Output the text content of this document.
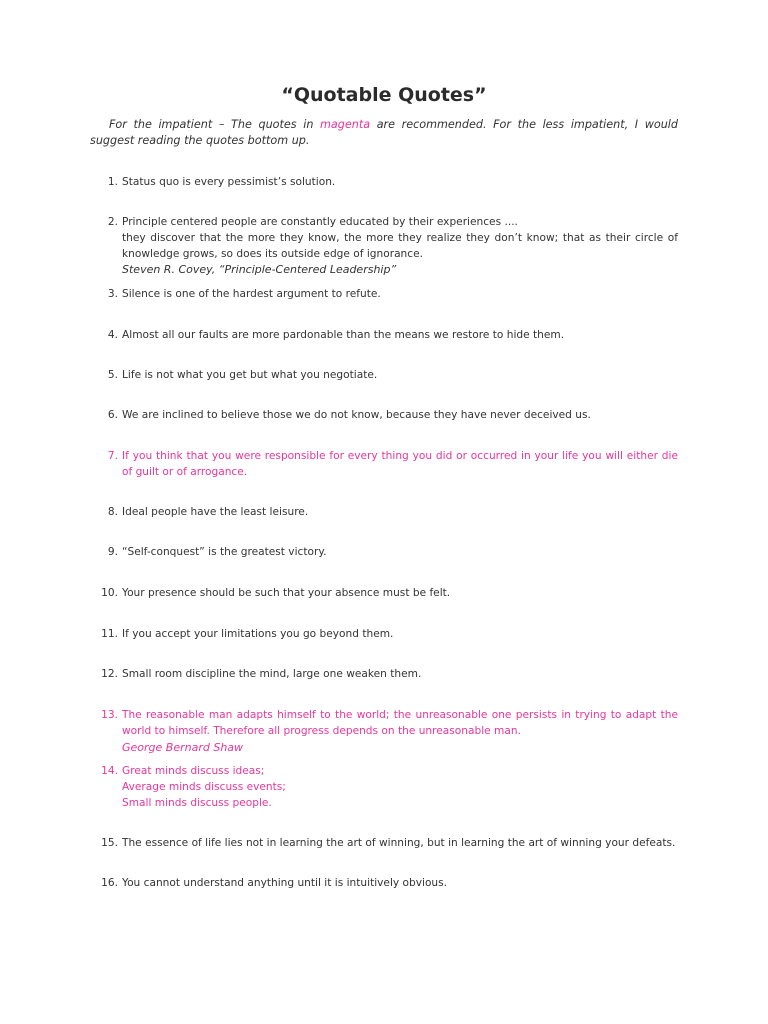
“Quotable Quotes”
For the impatient – The quotes in magenta are recommended. For the less impatient, I would suggest reading the quotes bottom up.
1. Status quo is every pessimist’s solution.
2. Principle centered people are constantly educated by their experiences ....
they discover that the more they know, the more they realize they don’t know; that as their circle of knowledge grows, so does its outside edge of ignorance.
Steven R. Covey, “Principle-Centered Leadership”
3. Silence is one of the hardest argument to refute.
4. Almost all our faults are more pardonable than the means we restore to hide them.
5. Life is not what you get but what you negotiate.
6. We are inclined to believe those we do not know, because they have never deceived us.
7. If you think that you were responsible for every thing you did or occurred in your life you will either die of guilt or of arrogance.
8. Ideal people have the least leisure.
9. “Self-conquest” is the greatest victory.
10. Your presence should be such that your absence must be felt.
11. If you accept your limitations you go beyond them.
12. Small room discipline the mind, large one weaken them.
13. The reasonable man adapts himself to the world; the unreasonable one persists in trying to adapt the world to himself. Therefore all progress depends on the unreasonable man.
George Bernard Shaw
14. Great minds discuss ideas;
Average minds discuss events;
Small minds discuss people.
15. The essence of life lies not in learning the art of winning, but in learning the art of winning your defeats.
16. You cannot understand anything until it is intuitively obvious.
